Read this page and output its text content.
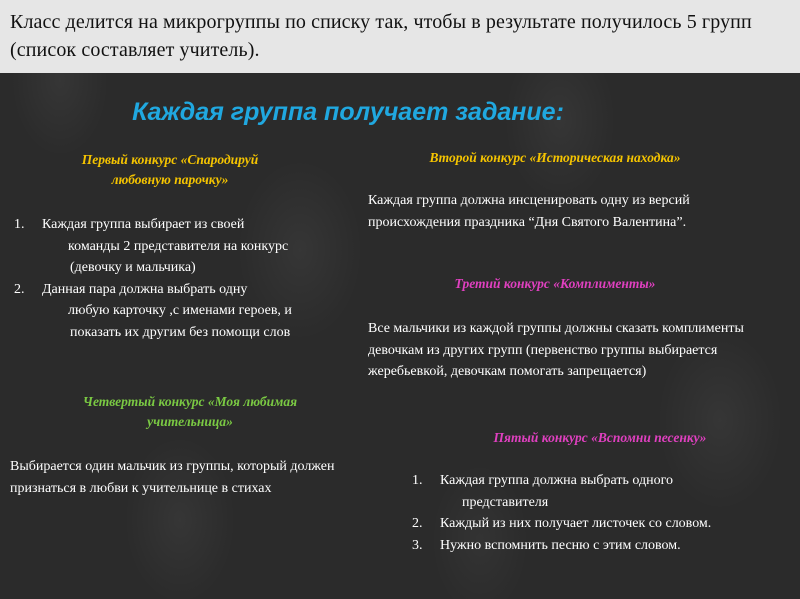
Класс делится на микрогруппы по списку так, чтобы в результате получилось 5 групп (список составляет учитель).
Каждая группа получает задание:
Первый конкурс «Спародируй
любовную парочку»
1.	Каждая группа выбирает из своей
команды 2 представителя на конкурс (девочку и мальчика)
2.	Данная пара должна выбрать одну
любую карточку ,с именами героев, и показать их другим без помощи слов
Четвертый конкурс «Моя любимая
учительница»
Выбирается один мальчик из группы, который должен признаться в любви к учительнице в стихах
Второй конкурс «Историческая находка»
Каждая группа должна инсценировать одну из версий происхождения праздника “Дня Святого Валентина”.
Третий конкурс «Комплименты»
Все мальчики из каждой группы должны сказать комплименты девочкам из других групп (первенство группы выбирается жеребьевкой, девочкам помогать запрещается)
Пятый конкурс «Вспомни песенку»
1.	Каждая группа должна выбрать одного
представителя
2.	Каждый из них получает листочек со словом.
3.	Нужно вспомнить песню с этим словом.
